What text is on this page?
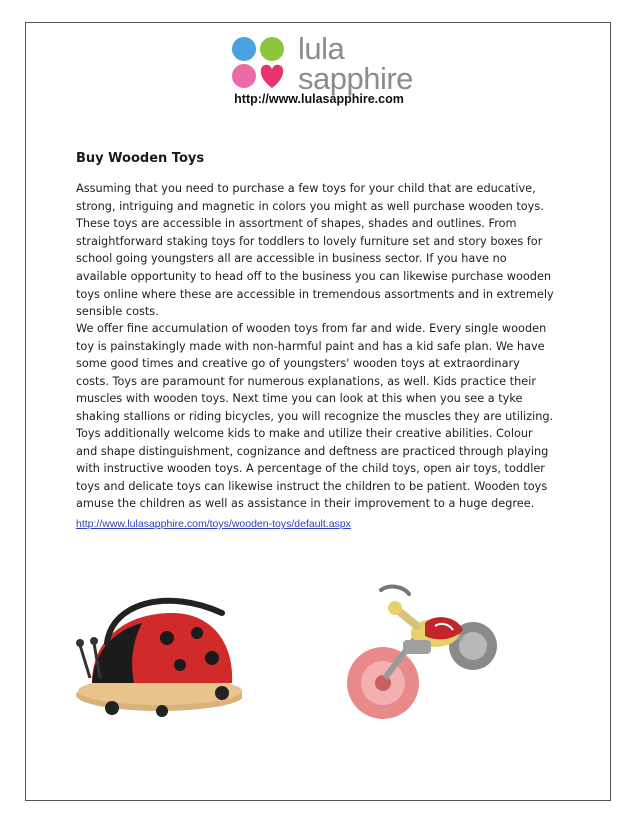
lula
sapphire
http://www.lulasapphire.com
Buy Wooden Toys

Assuming that you need to purchase a few toys for your child that are educative,
strong, intriguing and magnetic in colors you might as well purchase wooden toys.
These toys are accessible in assortment of shapes, shades and outlines. From
straightforward staking toys for toddlers to lovely furniture set and story boxes for
school going youngsters all are accessible in business sector. If you have no
available opportunity to head off to the business you can likewise purchase wooden
toys online where these are accessible in tremendous assortments and in extremely
sensible costs.

We offer fine accumulation of wooden toys from far and wide. Every single wooden
toy is painstakingly made with non-harmful paint and has a kid safe plan. We have
some good times and creative go of youngsters' wooden toys at extraordinary
costs. Toys are paramount for numerous explanations, as well. Kids practice their
muscles with wooden toys. Next time you can look at this when you see a tyke
shaking stallions or riding bicycles, you will recognize the muscles they are utilizing.

Toys additionally welcome kids to make and utilize their creative abilities. Colour
and shape distinguishment, cognizance and deftness are practiced through playing
with instructive wooden toys. A percentage of the child toys, open air toys, toddler
toys and delicate toys can likewise instruct the children to be patient. Wooden toys
amuse the children as well as assistance in their improvement to a huge degree.

http://www.lulasapphire.com/toys/wooden-toys/default.aspx
